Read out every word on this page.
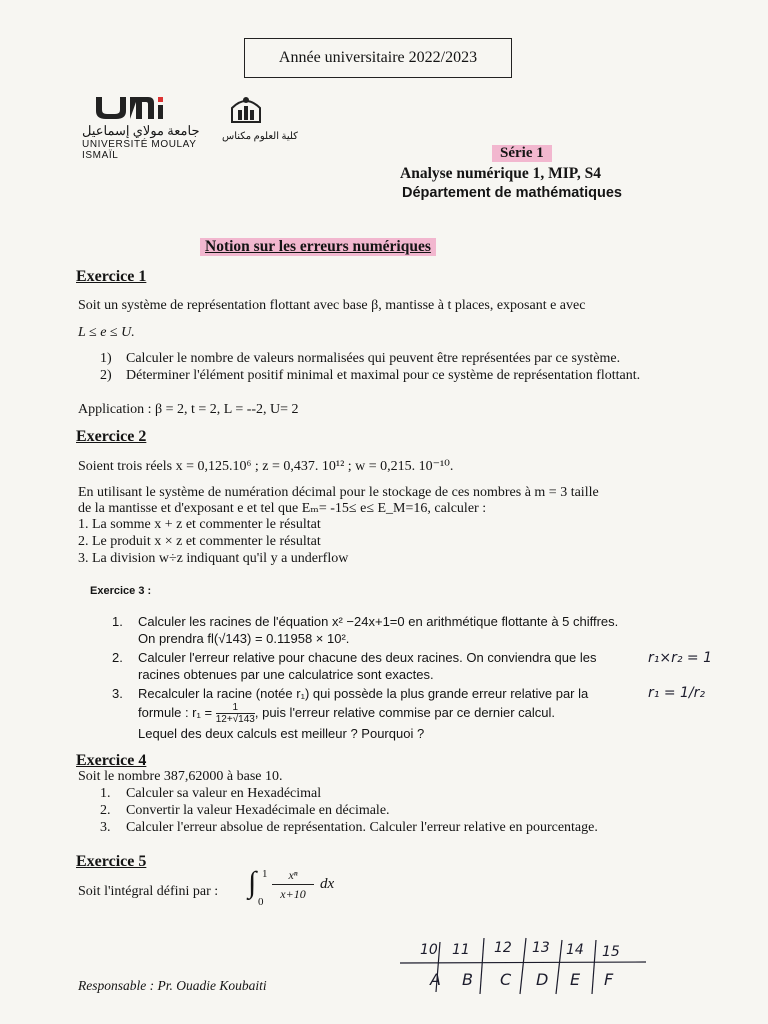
Année universitaire 2022/2023
جامعة مولاي إسماعيل
UNIVERSITÉ MOULAY ISMAÏL
كلية العلوم مكناس
Série 1
Analyse numérique 1, MIP, S4
Département de mathématiques
Notion sur les erreurs numériques
Exercice 1
Soit un système de représentation flottant avec base β, mantisse à t places, exposant e avec
L ≤ e ≤ U.
1) Calculer le nombre de valeurs normalisées qui peuvent être représentées par ce système.
2) Déterminer l'élément positif minimal et maximal pour ce système de représentation flottant.
Application : β = 2, t = 2, L = --2, U= 2
Exercice 2
Soient trois réels x = 0,125.10⁶ ; z = 0,437. 10¹² ; w = 0,215. 10⁻¹⁰.
En utilisant le système de numération décimal pour le stockage de ces nombres à m = 3 taille
de la mantisse et d'exposant e et tel que Eₘ= -15≤ e≤ E_M=16, calculer :
1. La somme x + z et commenter le résultat
2. Le produit x × z et commenter le résultat
3. La division w÷z indiquant qu'il y a underflow
Exercice 3 :
1. Calculer les racines de l'équation x² −24x+1=0 en arithmétique flottante à 5 chiffres. On prendra fl(√143) = 0.11958 × 10².
2. Calculer l'erreur relative pour chacune des deux racines. On conviendra que les racines obtenues par une calculatrice sont exactes.
3. Recalculer la racine (notée r₁) qui possède la plus grande erreur relative par la
formule : $r_1 = \frac{1}{12+√143}$ , puis l'erreur relative commise par ce dernier calcul.
Lequel des deux calculs est meilleur ? Pourquoi ?
r₁×r₂ = 1
r₁ = 1/r₂
Exercice 4
Soit le nombre 387,62000 à base 10.
1. Calculer sa valeur en Hexadécimal
2. Convertir la valeur Hexadécimale en décimale.
3. Calculer l'erreur absolue de représentation. Calculer l'erreur relative en pourcentage.
Exercice 5
Soit l'intégral défini par : ∫ 1
0
xⁿ
x+10
dx
10 11 12 13 14 15
A B C D E F
Responsable : Pr. Ouadie Koubaiti
